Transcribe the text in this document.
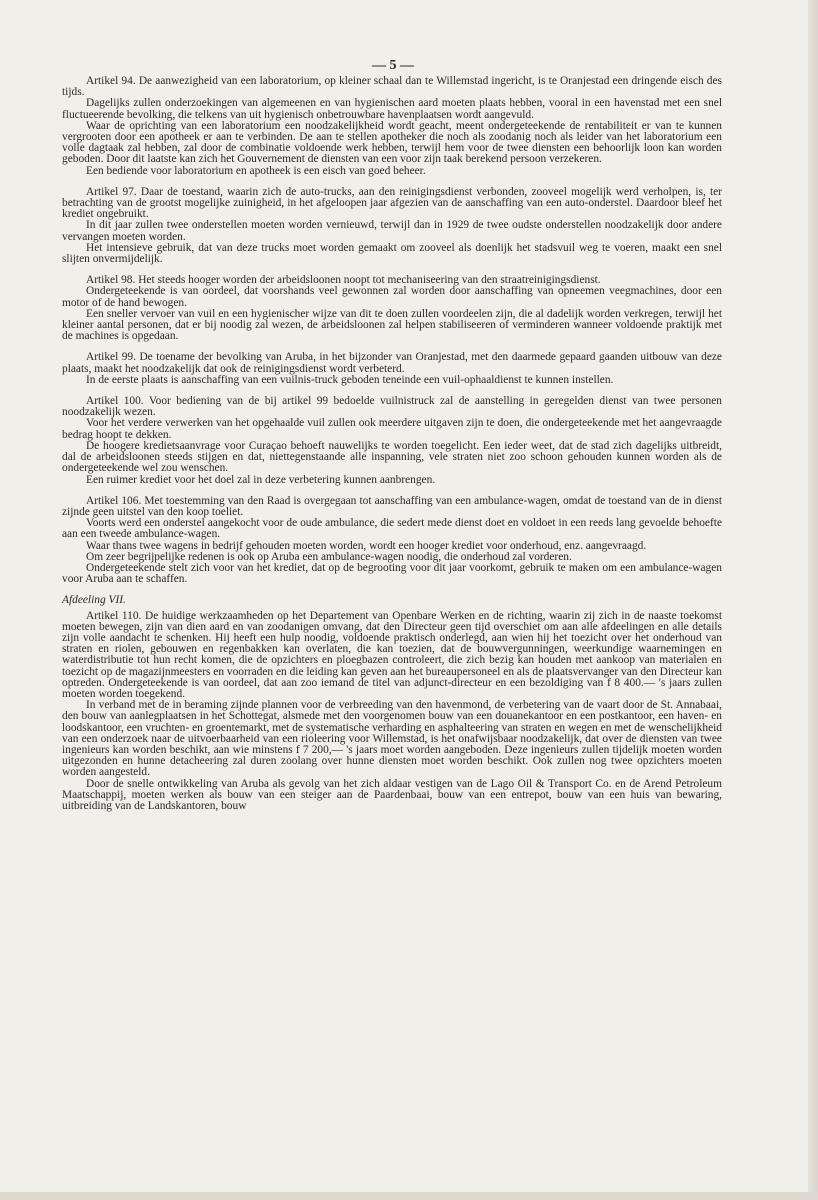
— 5 —

Artikel 94. De aanwezigheid van een laboratorium, op kleiner schaal dan te Willemstad ingericht, is te Oranjestad een dringende eisch des tijds.

Dagelijks zullen onderzoekingen van algemeenen en van hygienischen aard moeten plaats hebben, vooral in een havenstad met een snel fluctueerende bevolking, die telkens van uit hygienisch onbetrouwbare havenplaatsen wordt aangevuld.

Waar de oprichting van een laboratorium een noodzakelijkheid wordt geacht, meent ondergeteekende de rentabiliteit er van te kunnen vergrooten door een apotheek er aan te verbinden. De aan te stellen apotheker die noch als zoodanig noch als leider van het laboratorium een volle dagtaak zal hebben, zal door de combinatie voldoende werk hebben, terwijl hem voor de twee diensten een behoorlijk loon kan worden geboden. Door dit laatste kan zich het Gouvernement de diensten van een voor zijn taak berekend persoon verzekeren.

Een bediende voor laboratorium en apotheek is een eisch van goed beheer.

Artikel 97. Daar de toestand, waarin zich de auto-trucks, aan den reinigingsdienst verbonden, zooveel mogelijk werd verholpen, is, ter betrachting van de grootst mogelijke zuinigheid, in het afgeloopen jaar afgezien van de aanschaffing van een auto-onderstel. Daardoor bleef het krediet ongebruikt.

In dit jaar zullen twee onderstellen moeten worden vernieuwd, terwijl dan in 1929 de twee oudste onderstellen noodzakelijk door andere vervangen moeten worden.

Het intensieve gebruik, dat van deze trucks moet worden gemaakt om zooveel als doenlijk het stadsvuil weg te voeren, maakt een snel slijten onvermijdelijk.

Artikel 98. Het steeds hooger worden der arbeidsloonen noopt tot mechaniseering van den straatreinigingsdienst.

Ondergeteekende is van oordeel, dat voorshands veel gewonnen zal worden door aanschaffing van opneemen veegmachines, door een motor of de hand bewogen.

Een sneller vervoer van vuil en een hygienischer wijze van dit te doen zullen voordeelen zijn, die al dadelijk worden verkregen, terwijl het kleiner aantal personen, dat er bij noodig zal wezen, de arbeidsloonen zal helpen stabiliseeren of verminderen wanneer voldoende praktijk met de machines is opgedaan.

Artikel 99. De toename der bevolking van Aruba, in het bijzonder van Oranjestad, met den daarmede gepaard gaanden uitbouw van deze plaats, maakt het noodzakelijk dat ook de reinigingsdienst wordt verbeterd.

In de eerste plaats is aanschaffing van een vuilnis-truck geboden teneinde een vuil-ophaaldienst te kunnen instellen.

Artikel 100. Voor bediening van de bij artikel 99 bedoelde vuilnistruck zal de aanstelling in geregelden dienst van twee personen noodzakelijk wezen.

Voor het verdere verwerken van het opgehaalde vuil zullen ook meerdere uitgaven zijn te doen, die ondergeteekende met het aangevraagde bedrag hoopt te dekken.

De hoogere kredietsaanvrage voor Curaçao behoeft nauwelijks te worden toegelicht. Een ieder weet, dat de stad zich dagelijks uitbreidt, dal de arbeidsloonen steeds stijgen en dat, niettegenstaande alle inspanning, vele straten niet zoo schoon gehouden kunnen worden als de ondergeteekende wel zou wenschen.

Een ruimer krediet voor het doel zal in deze verbetering kunnen aanbrengen.

Artikel 106. Met toestemming van den Raad is overgegaan tot aanschaffing van een ambulance-wagen, omdat de toestand van de in dienst zijnde geen uitstel van den koop toeliet.

Voorts werd een onderstel aangekocht voor de oude ambulance, die sedert mede dienst doet en voldoet in een reeds lang gevoelde behoefte aan een tweede ambulance-wagen.

Waar thans twee wagens in bedrijf gehouden moeten worden, wordt een hooger krediet voor onderhoud, enz. aangevraagd.

Om zeer begrijpelijke redenen is ook op Aruba een ambulance-wagen noodig, die onderhoud zal vorderen.

Ondergeteekende stelt zich voor van het krediet, dat op de begrooting voor dit jaar voorkomt, gebruik te maken om een ambulance-wagen voor Aruba aan te schaffen.

Afdeeling VII.

Artikel 110. De huidige werkzaamheden op het Departement van Openbare Werken en de richting, waarin zij zich in de naaste toekomst moeten bewegen, zijn van dien aard en van zoodanigen omvang, dat den Directeur geen tijd overschiet om aan alle afdeelingen en alle details zijn volle aandacht te schenken. Hij heeft een hulp noodig, voldoende praktisch onderlegd, aan wien hij het toezicht over het onderhoud van straten en riolen, gebouwen en regenbakken kan overlaten, die kan toezien, dat de bouwvergunningen, weerkundige waarnemingen en waterdistributie tot hun recht komen, die de opzichters en ploegbazen controleert, die zich bezig kan houden met aankoop van materialen en toezicht op de magazijnmeesters en voorraden en die leiding kan geven aan het bureaupersoneel en als de plaatsvervanger van den Directeur kan optreden. Ondergeteekende is van oordeel, dat aan zoo iemand de titel van adjunct-directeur en een bezoldiging van f 8 400.— 's jaars zullen moeten worden toegekend.

In verband met de in beraming zijnde plannen voor de verbreeding van den havenmond, de verbetering van de vaart door de St. Annabaai, den bouw van aanlegplaatsen in het Schottegat, alsmede met den voorgenomen bouw van een douanekantoor en een postkantoor, een haven- en loodskantoor, een vruchten- en groentemarkt, met de systematische verharding en asphalteering van straten en wegen en met de wenschelijkheid van een onderzoek naar de uitvoerbaarheid van een rioleering voor Willemstad, is het onafwijsbaar noodzakelijk, dat over de diensten van twee ingenieurs kan worden beschikt, aan wie minstens f 7 200,— 's jaars moet worden aangeboden. Deze ingenieurs zullen tijdelijk moeten worden uitgezonden en hunne detacheering zal duren zoolang over hunne diensten moet worden beschikt. Ook zullen nog twee opzichters moeten worden aangesteld.

Door de snelle ontwikkeling van Aruba als gevolg van het zich aldaar vestigen van de Lago Oil & Transport Co. en de Arend Petroleum Maatschappij, moeten werken als bouw van een steiger aan de Paardenbaai, bouw van een entrepot, bouw van een huis van bewaring, uitbreiding van de Landskantoren, bouw
